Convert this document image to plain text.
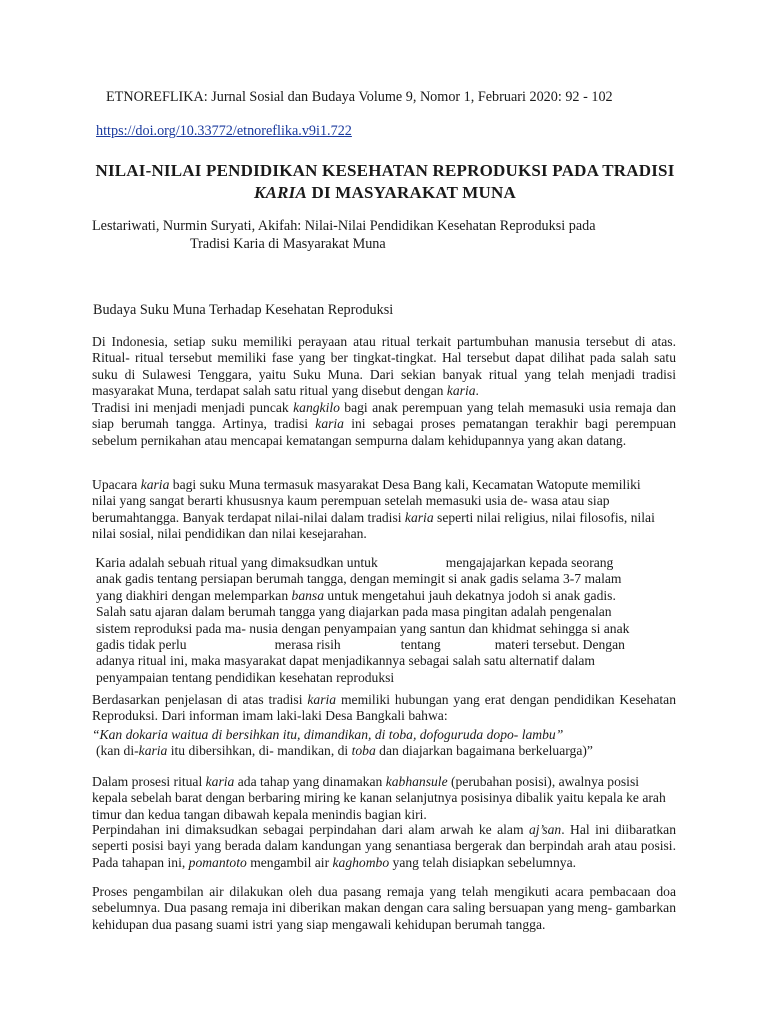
ETNOREFLIKA: Jurnal Sosial dan Budaya Volume 9, Nomor 1, Februari 2020: 92 - 102
https://doi.org/10.33772/etnoreflika.v9i1.722
NILAI-NILAI PENDIDIKAN KESEHATAN REPRODUKSI PADA TRADISI KARIA DI MASYARAKAT MUNA
Lestariwati, Nurmin Suryati, Akifah: Nilai-Nilai Pendidikan Kesehatan Reproduksi pada
Tradisi Karia di Masyarakat Muna
Budaya Suku Muna Terhadap Kesehatan Reproduksi

Di Indonesia, setiap suku memiliki perayaan atau ritual terkait partumbuhan manusia tersebut di atas. Ritual- ritual tersebut memiliki fase yang ber tingkat-tingkat. Hal tersebut dapat dilihat pada salah satu suku di Sulawesi Tenggara, yaitu Suku Muna. Dari sekian banyak ritual yang telah menjadi tradisi masyarakat Muna, terdapat salah satu ritual yang disebut dengan karia.

Tradisi ini menjadi menjadi puncak kangkilo bagi anak perempuan yang telah memasuki usia remaja dan siap berumah tangga. Artinya, tradisi karia ini sebagai proses pematangan terakhir bagi perempuan sebelum pernikahan atau mencapai kematangan sempurna dalam kehidupannya yang akan datang.

Upacara karia bagi suku Muna termasuk masyarakat Desa Bang kali, Kecamatan Watopute memiliki nilai yang sangat berarti khususnya kaum perempuan setelah memasuki usia de- wasa atau siap berumahtangga. Banyak terdapat nilai-nilai dalam tradisi karia seperti nilai religius, nilai filosofis, nilai nilai sosial, nilai pendidikan dan nilai kesejarahan.

Karia adalah sebuah ritual yang dimaksudkan untuk	mengajajarkan kepada seorang
anak gadis tentang persiapan berumah tangga, dengan memingit si anak gadis selama 3-7 malam
yang diakhiri dengan melemparkan bansa untuk mengetahui jauh dekatnya jodoh si anak gadis.
Salah satu ajaran dalam berumah tangga yang diajarkan pada masa pingitan adalah pengenalan
sistem reproduksi pada ma- nusia dengan penyampaian yang santun dan khidmat sehingga si anak
gadis tidak perlu	merasa risih	tentang	materi tersebut. Dengan
adanya ritual ini, maka masyarakat dapat menjadikannya sebagai salah satu alternatif dalam
penyampaian tentang pendidikan kesehatan reproduksi

Berdasarkan penjelasan di atas tradisi karia memiliki hubungan yang erat dengan pendidikan Kesehatan Reproduksi. Dari informan imam laki-laki Desa Bangkali bahwa:

“Kan dokaria waitua di bersihkan itu, dimandikan, di toba, dofoguruda dopo- lambu”
(kan di-karia itu dibersihkan, di- mandikan, di toba dan diajarkan bagaimana berkeluarga)”

Dalam prosesi ritual karia ada tahap yang dinamakan kabhansule (perubahan posisi), awalnya posisi kepala sebelah barat dengan berbaring miring ke kanan selanjutnya posisinya dibalik yaitu kepala ke arah timur dan kedua tangan dibawah kepala menindis bagian kiri.

Perpindahan ini dimaksudkan sebagai perpindahan dari alam arwah ke alam aj’san. Hal ini diibaratkan seperti posisi bayi yang berada dalam kandungan yang senantiasa bergerak dan berpindah arah atau posisi. Pada tahapan ini, pomantoto mengambil air kaghombo yang telah disiapkan sebelumnya.

Proses pengambilan air dilakukan oleh dua pasang remaja yang telah mengikuti acara pembacaan doa sebelumnya. Dua pasang remaja ini diberikan makan dengan cara saling bersuapan yang meng- gambarkan kehidupan dua pasang suami istri yang siap mengawali kehidupan berumah tangga.
